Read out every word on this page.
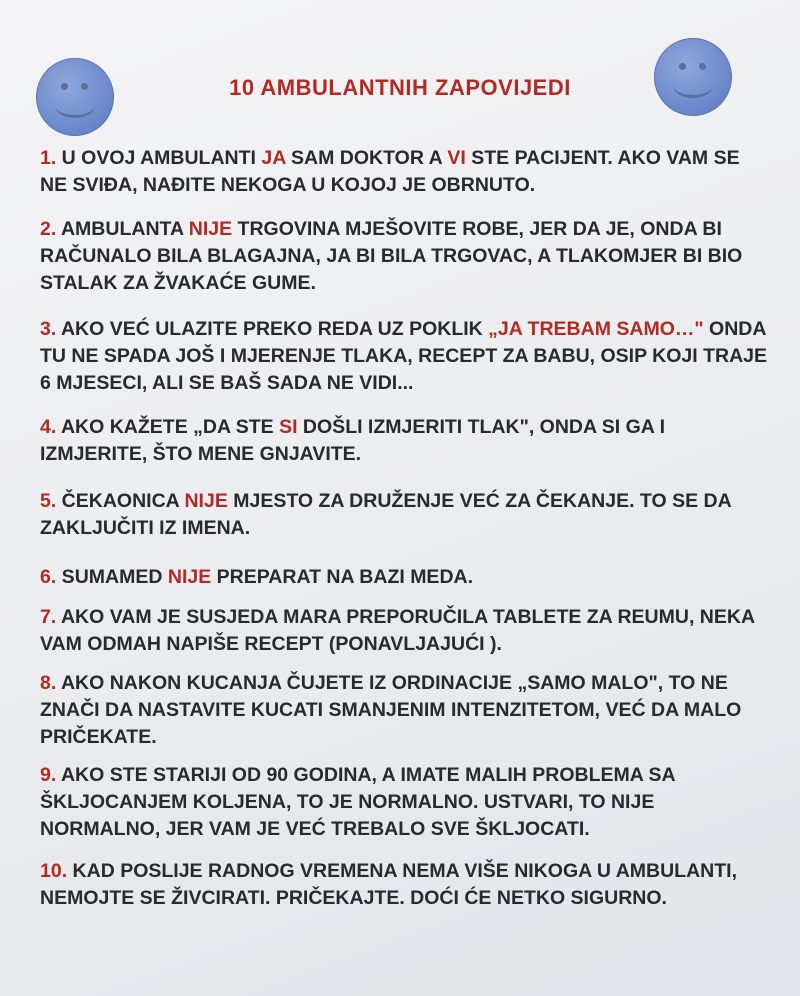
10 AMBULANTNIH ZAPOVIJEDI
1. U OVOJ AMBULANTI JA SAM DOKTOR A VI STE PACIJENT. AKO VAM SE NE SVIĐA, NAĐITE NEKOGA U KOJOJ JE OBRNUTO.
2. AMBULANTA NIJE TRGOVINA MJEŠOVITE ROBE, JER DA JE, ONDA BI RAČUNALO BILA BLAGAJNA, JA BI BILA TRGOVAC, A TLAKOMJER BI BIO STALAK ZA ŽVAKAĆE GUME.
3. AKO VEĆ ULAZITE PREKO REDA UZ POKLIK „JA TREBAM SAMO…" ONDA TU NE SPADA JOŠ I MJERENJE TLAKA, RECEPT ZA BABU, OSIP KOJI TRAJE 6 MJESECI, ALI SE BAŠ SADA NE VIDI...
4. AKO KAŽETE „DA STE SI DOŠLI IZMJERITI TLAK", ONDA SI GA I IZMJERITE, ŠTO MENE GNJAVITE.
5. ČEKAONICA NIJE MJESTO ZA DRUŽENJE VEĆ ZA ČEKANJE. TO SE DA ZAKLJUČITI IZ IMENA.
6. SUMAMED NIJE PREPARAT NA BAZI MEDA.
7. AKO VAM JE SUSJEDA MARA PREPORUČILA TABLETE ZA REUMU, NEKA VAM ODMAH NAPIŠE RECEPT (PONAVLJAJUĆI ).
8. AKO NAKON KUCANJA ČUJETE IZ ORDINACIJE „SAMO MALO", TO NE ZNAČI DA NASTAVITE KUCATI SMANJENIM INTENZITETOM, VEĆ DA MALO PRIČEKATE.
9. AKO STE STARIJI OD 90 GODINA, A IMATE MALIH PROBLEMA SA ŠKLJOCANJEM KOLJENA, TO JE NORMALNO. USTVARI, TO NIJE NORMALNO, JER VAM JE VEĆ TREBALO SVE ŠKLJOCATI.
10. KAD POSLIJE RADNOG VREMENA NEMA VIŠE NIKOGA U AMBULANTI, NEMOJTE SE ŽIVCIRATI. PRIČEKAJTE. DOĆI ĆE NETKO SIGURNO.
